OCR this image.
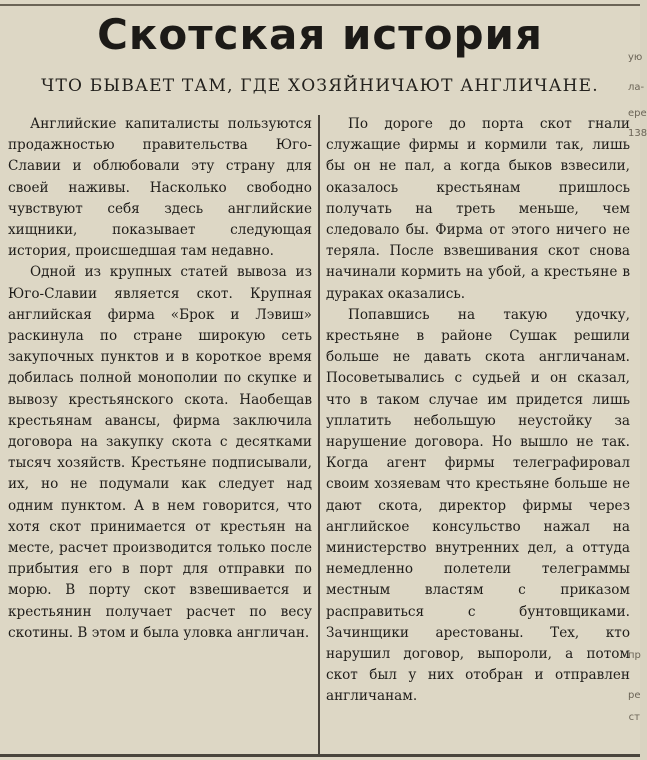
Скотская история
ЧТО БЫВАЕТ ТАМ, ГДЕ ХОЗЯЙНИЧАЮТ АНГЛИЧАНЕ.
ую
ла-
ере
138
пр
ре
ст

Английские капиталисты пользуются продажностью правительства Юго-Славии и облюбовали эту страну для своей наживы. Насколько свободно чувствуют себя здесь английские хищники, показывает следующая история, происшедшая там недавно.

Одной из крупных статей вывоза из Юго-Славии является скот. Крупная английская фирма «Брок и Лэвиш» раскинула по стране широкую сеть закупочных пунктов и в короткое время добилась полной монополии по скупке и вывозу крестьянского скота. Наобещав крестьянам авансы, фирма заключила договора на закупку скота с десятками тысяч хозяйств. Крестьяне подписывали, их, но не подумали как следует над одним пунктом. А в нем говорится, что хотя скот принимается от крестьян на месте, расчет производится только после прибытия его в порт для отправки по морю. В порту скот взвешивается и крестьянин получает расчет по весу скотины. В этом и была уловка англичан.

По дороге до порта скот гнали служащие фирмы и кормили так, лишь бы он не пал, а когда быков взвесили, оказалось крестьянам пришлось получать на треть меньше, чем следовало бы. Фирма от этого ничего не теряла. После взвешивания скот снова начинали кормить на убой, а крестьяне в дураках оказались.

Попавшись на такую удочку, крестьяне в районе Сушак решили больше не давать скота англичанам. Посоветывались с судьей и он сказал, что в таком случае им придется лишь уплатить небольшую неустойку за нарушение договора. Но вышло не так. Когда агент фирмы телеграфировал своим хозяевам что крестьяне больше не дают скота, директор фирмы через английское консульство нажал на министерство внутренних дел, а оттуда немедленно полетели телеграммы местным властям с приказом расправиться с бунтовщиками. Зачинщики арестованы. Тех, кто нарушил договор, выпороли, а потом скот был у них отобран и отправлен англичанам.
